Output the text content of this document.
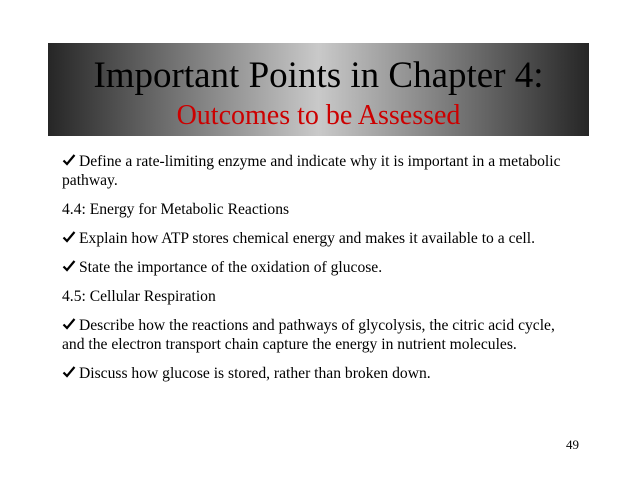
Important Points in Chapter 4:
Outcomes to be Assessed

Define a rate-limiting enzyme and indicate why it is important in a metabolic pathway.

4.4: Energy for Metabolic Reactions

Explain how ATP stores chemical energy and makes it available to a cell.

State the importance of the oxidation of glucose.

4.5: Cellular Respiration

Describe how the reactions and pathways of glycolysis, the citric acid cycle, and the electron transport chain capture the energy in nutrient molecules.

Discuss how glucose is stored, rather than broken down.

49
